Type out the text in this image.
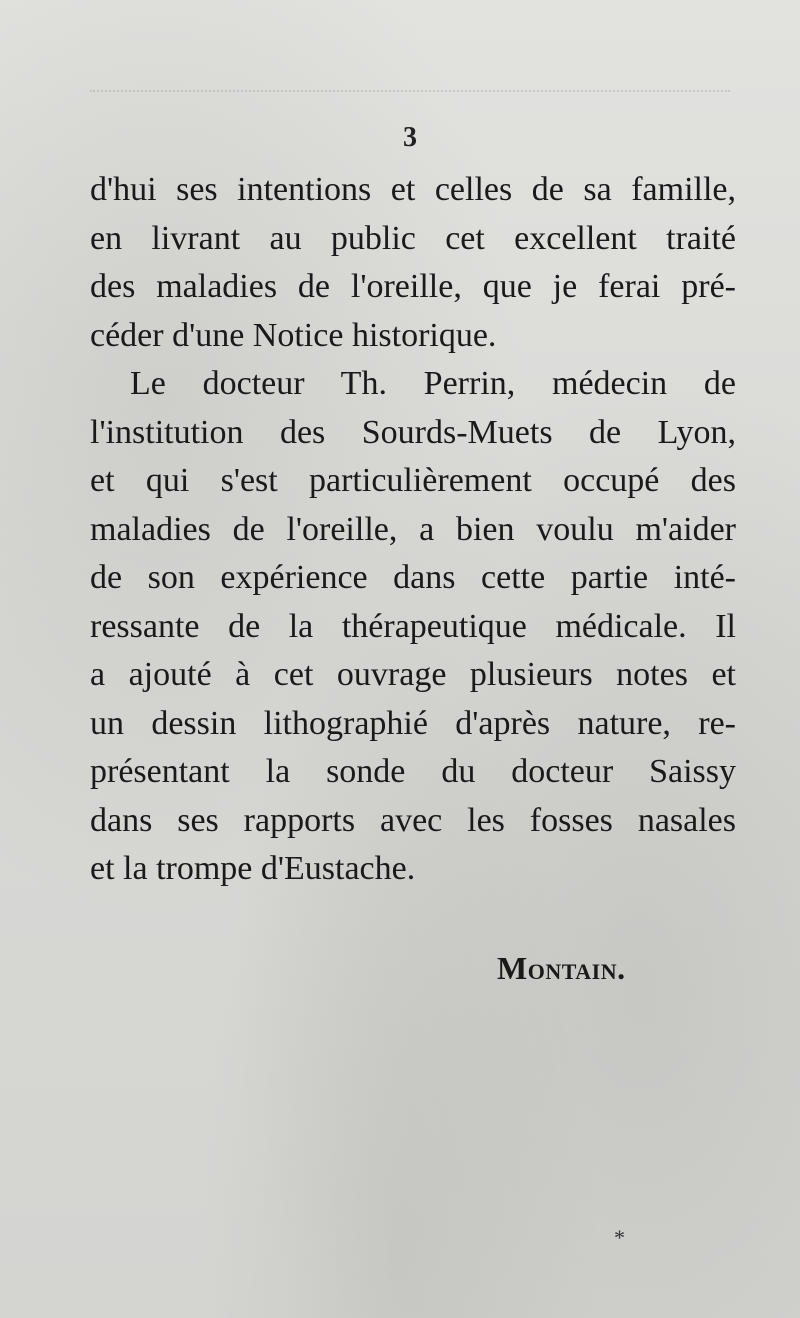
3
d'hui ses intentions et celles de sa famille,
en livrant au public cet excellent traité
des maladies de l'oreille, que je ferai pré-
céder d'une Notice historique.
Le docteur Th. Perrin, médecin de
l'institution des Sourds-Muets de Lyon,
et qui s'est particulièrement occupé des
maladies de l'oreille, a bien voulu m'aider
de son expérience dans cette partie inté-
ressante de la thérapeutique médicale. Il
a ajouté à cet ouvrage plusieurs notes et
un dessin lithographié d'après nature, re-
présentant la sonde du docteur Saissy
dans ses rapports avec les fosses nasales
et la trompe d'Eustache.
Montain.
*
